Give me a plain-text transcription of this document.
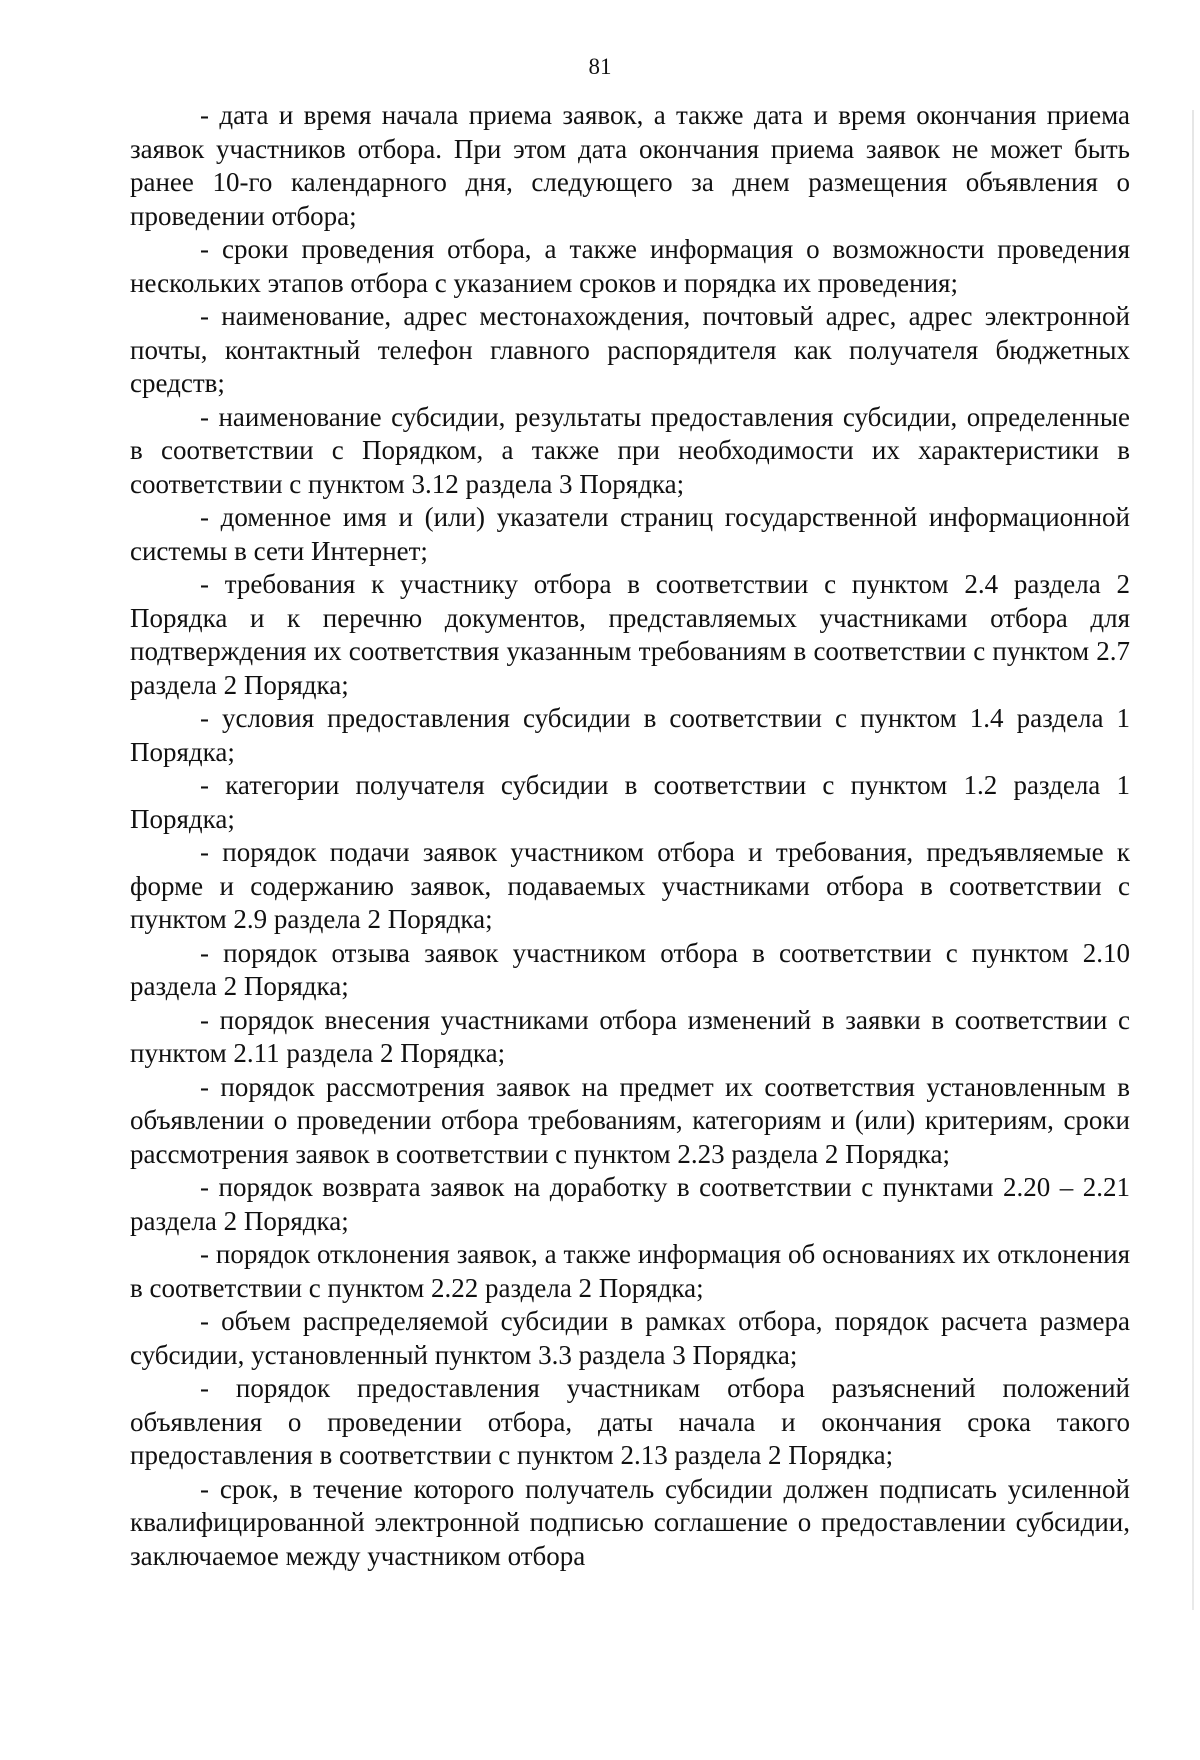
81

- дата и время начала приема заявок, а также дата и время окончания приема заявок участников отбора. При этом дата окончания приема заявок не может быть ранее 10-го календарного дня, следующего за днем размещения объявления о проведении отбора;

- сроки проведения отбора, а также информация о возможности проведения нескольких этапов отбора с указанием сроков и порядка их проведения;

- наименование, адрес местонахождения, почтовый адрес, адрес электронной почты, контактный телефон главного распорядителя как получателя бюджетных средств;

- наименование субсидии, результаты предоставления субсидии, определенные в соответствии с Порядком, а также при необходимости их характеристики в соответствии с пунктом 3.12 раздела 3 Порядка;

- доменное имя и (или) указатели страниц государственной информационной системы в сети Интернет;

- требования к участнику отбора в соответствии с пунктом 2.4 раздела 2 Порядка и к перечню документов, представляемых участниками отбора для подтверждения их соответствия указанным требованиям в соответствии с пунктом 2.7 раздела 2 Порядка;

- условия предоставления субсидии в соответствии с пунктом 1.4 раздела 1 Порядка;

- категории получателя субсидии в соответствии с пунктом 1.2 раздела 1 Порядка;

- порядок подачи заявок участником отбора и требования, предъявляемые к форме и содержанию заявок, подаваемых участниками отбора в соответствии с пунктом 2.9 раздела 2 Порядка;

- порядок отзыва заявок участником отбора в соответствии с пунктом 2.10 раздела 2 Порядка;

- порядок внесения участниками отбора изменений в заявки в соответствии с пунктом 2.11 раздела 2 Порядка;

- порядок рассмотрения заявок на предмет их соответствия установленным в объявлении о проведении отбора требованиям, категориям и (или) критериям, сроки рассмотрения заявок в соответствии с пунктом 2.23 раздела 2 Порядка;

- порядок возврата заявок на доработку в соответствии с пунктами 2.20 – 2.21 раздела 2 Порядка;

- порядок отклонения заявок, а также информация об основаниях их отклонения в соответствии с пунктом 2.22 раздела 2 Порядка;

- объем распределяемой субсидии в рамках отбора, порядок расчета размера субсидии, установленный пунктом 3.3 раздела 3 Порядка;

- порядок предоставления участникам отбора разъяснений положений объявления о проведении отбора, даты начала и окончания срока такого предоставления в соответствии с пунктом 2.13 раздела 2 Порядка;

- срок, в течение которого получатель субсидии должен подписать усиленной квалифицированной электронной подписью соглашение о предоставлении субсидии, заключаемое между участником отбора
